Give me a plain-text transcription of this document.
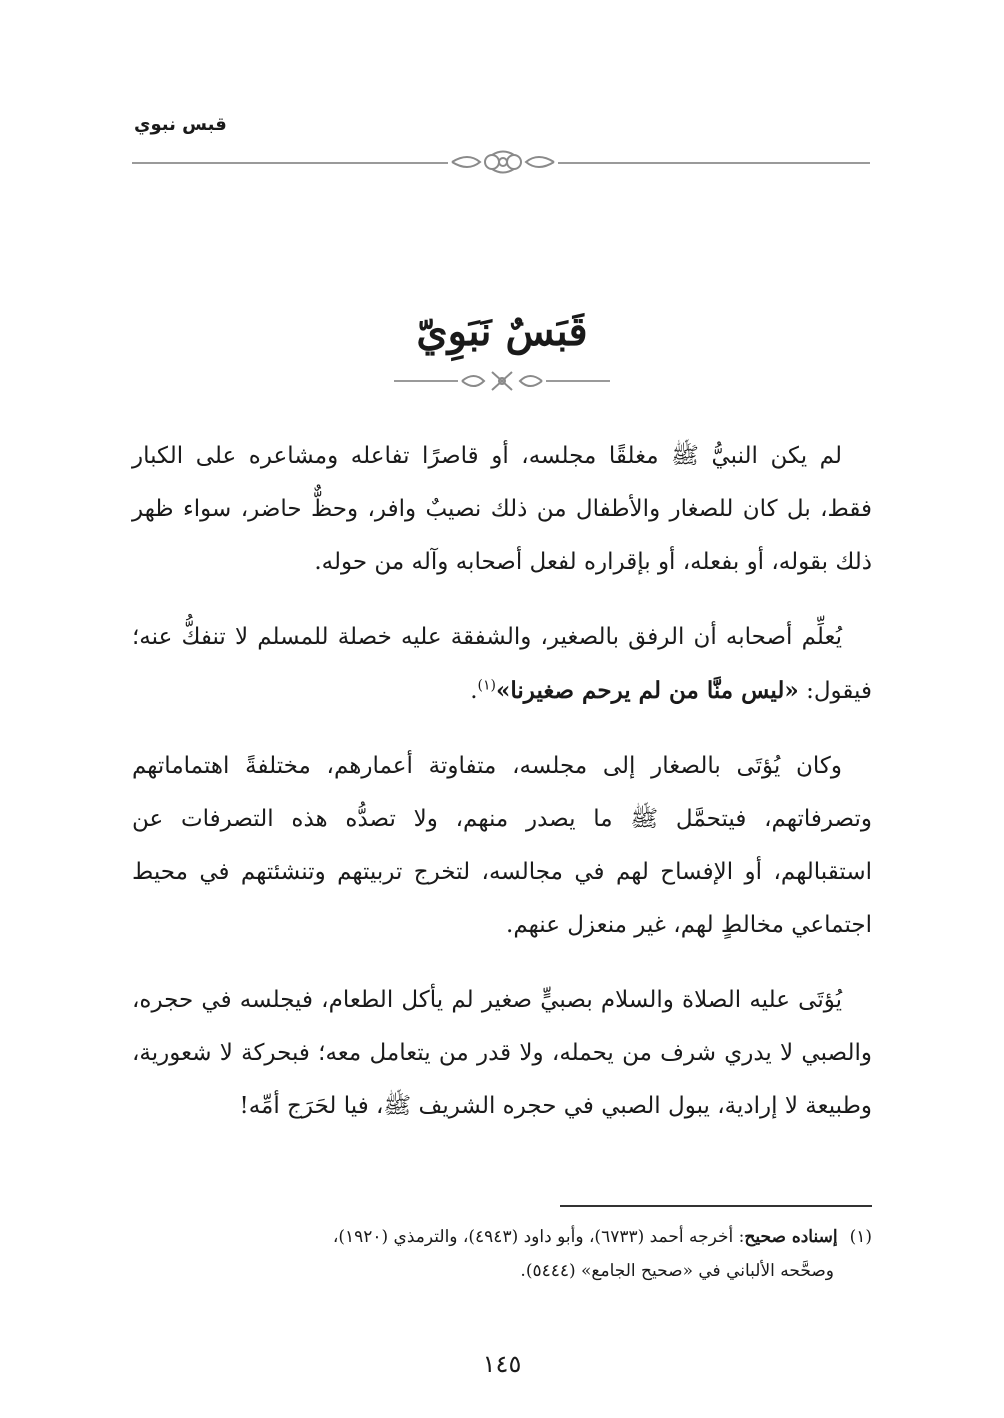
قبس نبوي
قَبَسٌ نَبَوِيّ

لم يكن النبيُّ ﷺ مغلقًا مجلسه، أو قاصرًا تفاعله ومشاعره على الكبار فقط، بل كان للصغار والأطفال من ذلك نصيبٌ وافر، وحظٌّ حاضر، سواء ظهر ذلك بقوله، أو بفعله، أو بإقراره لفعل أصحابه وآله من حوله.

يُعلِّم أصحابه أن الرفق بالصغير، والشفقة عليه خصلة للمسلم لا تنفكُّ عنه؛ فيقول: «ليس منَّا من لم يرحم صغيرنا»$^{(١)}$.

وكان يُؤتَى بالصغار إلى مجلسه، متفاوتة أعمارهم، مختلفةً اهتماماتهم وتصرفاتهم، فيتحمَّل ﷺ ما يصدر منهم، ولا تصدُّه هذه التصرفات عن استقبالهم، أو الإفساح لهم في مجالسه، لتخرج تربيتهم وتنشئتهم في محيط اجتماعي مخالطٍ لهم، غير منعزل عنهم.

يُؤتَى عليه الصلاة والسلام بصبيٍّ صغير لم يأكل الطعام، فيجلسه في حجره، والصبي لا يدري شرف من يحمله، ولا قدر من يتعامل معه؛ فبحركة لا شعورية، وطبيعة لا إرادية، يبول الصبي في حجره الشريف ﷺ، فيا لحَرَج أمِّه!

(١)إسناده صحيح: أخرجه أحمد (٦٧٣٣)، وأبو داود (٤٩٤٣)، والترمذي (١٩٢٠)،
وصحَّحه الألباني في «صحيح الجامع» (٥٤٤٤).
١٤٥
